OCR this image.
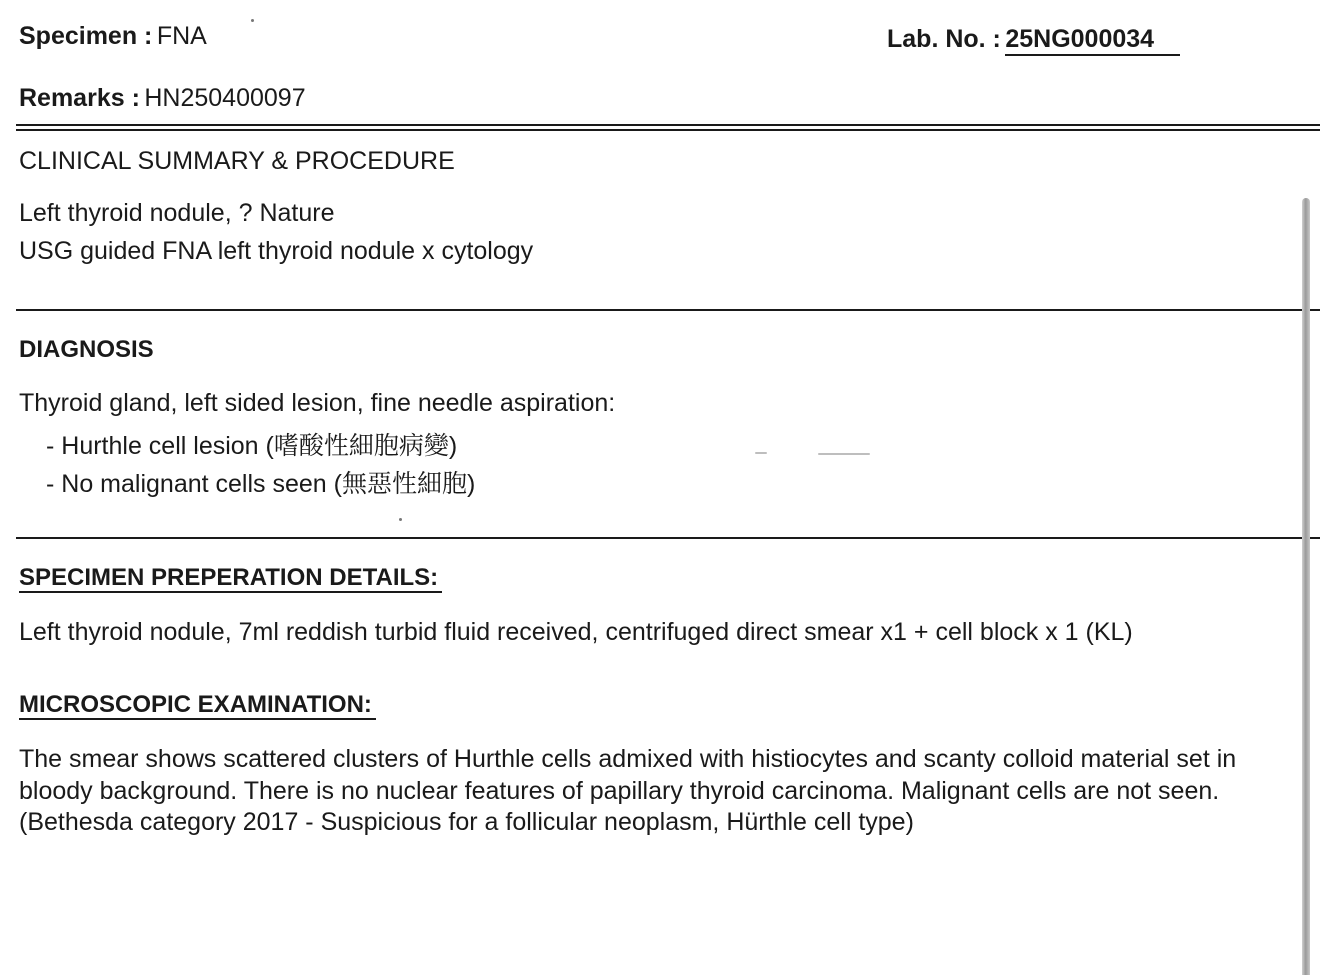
Specimen : FNA	Lab. No. : 25NG000034
Remarks : HN250400097
CLINICAL SUMMARY & PROCEDURE
Left thyroid nodule, ? Nature
USG guided FNA left thyroid nodule x cytology
DIAGNOSIS
Thyroid gland, left sided lesion, fine needle aspiration:
- Hurthle cell lesion (嗜酸性細胞病變)
- No malignant cells seen (無惡性細胞)
SPECIMEN PREPERATION DETAILS:
Left thyroid nodule, 7ml reddish turbid fluid received, centrifuged direct smear x1 + cell block x 1 (KL)
MICROSCOPIC EXAMINATION:
The smear shows scattered clusters of Hurthle cells admixed with histiocytes and scanty colloid material set in
bloody background. There is no nuclear features of papillary thyroid carcinoma. Malignant cells are not seen.
(Bethesda category 2017 - Suspicious for a follicular neoplasm, Hürthle cell type)
